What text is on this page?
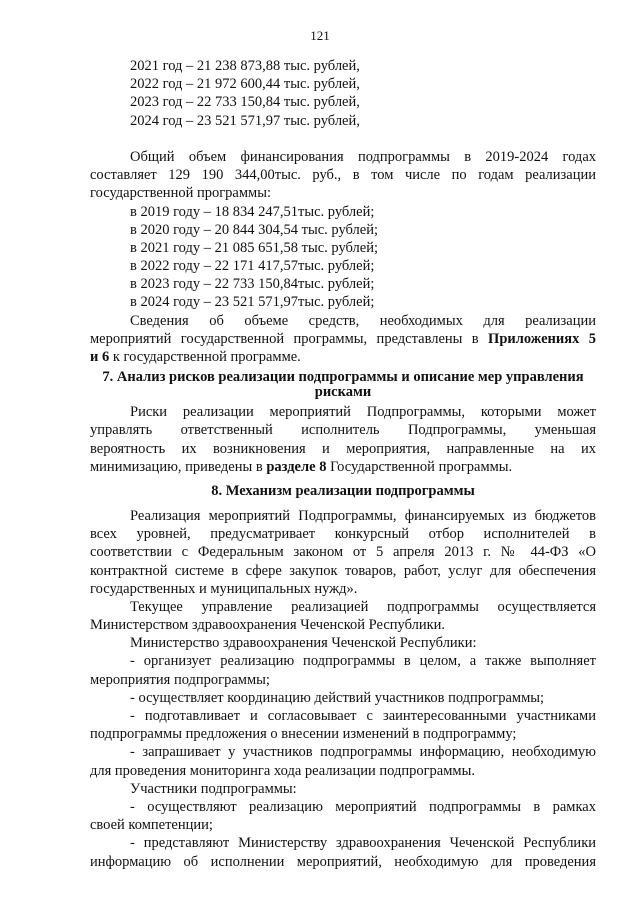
121
2021 год – 21 238 873,88 тыс. рублей,
2022 год – 21 972 600,44 тыс. рублей,
2023 год – 22 733 150,84 тыс. рублей,
2024 год – 23 521 571,97 тыс. рублей,
Общий объем финансирования подпрограммы в 2019-2024 годах
составляет 129 190 344,00тыс. руб., в том числе по годам реализации
государственной программы:
в 2019 году – 18 834 247,51тыс. рублей;
в 2020 году – 20 844 304,54 тыс. рублей;
в 2021 году – 21 085 651,58 тыс. рублей;
в 2022 году – 22 171 417,57тыс. рублей;
в 2023 году – 22 733 150,84тыс. рублей;
в 2024 году – 23 521 571,97тыс. рублей;
Сведения об объеме средств, необходимых для реализации
мероприятий государственной программы, представлены в Приложениях 5
и 6 к государственной программе.
7. Анализ рисков реализации подпрограммы и описание мер управления
рисками
Риски реализации мероприятий Подпрограммы, которыми может
управлять ответственный исполнитель Подпрограммы, уменьшая
вероятность их возникновения и мероприятия, направленные на их
минимизацию, приведены в разделе 8 Государственной программы.
8. Механизм реализации подпрограммы
Реализация мероприятий Подпрограммы, финансируемых из бюджетов
всех уровней, предусматривает конкурсный отбор исполнителей в
соответствии с Федеральным законом от 5 апреля 2013 г. № 44-ФЗ «О
контрактной системе в сфере закупок товаров, работ, услуг для обеспечения
государственных и муниципальных нужд».
Текущее управление реализацией подпрограммы осуществляется
Министерством здравоохранения Чеченской Республики.
Министерство здравоохранения Чеченской Республики:
- организует реализацию подпрограммы в целом, а также выполняет
мероприятия подпрограммы;
- осуществляет координацию действий участников подпрограммы;
- подготавливает и согласовывает с заинтересованными участниками
подпрограммы предложения о внесении изменений в подпрограмму;
- запрашивает у участников подпрограммы информацию, необходимую
для проведения мониторинга хода реализации подпрограммы.
Участники подпрограммы:
- осуществляют реализацию мероприятий подпрограммы в рамках
своей компетенции;
- представляют Министерству здравоохранения Чеченской Республики
информацию об исполнении мероприятий, необходимую для проведения
